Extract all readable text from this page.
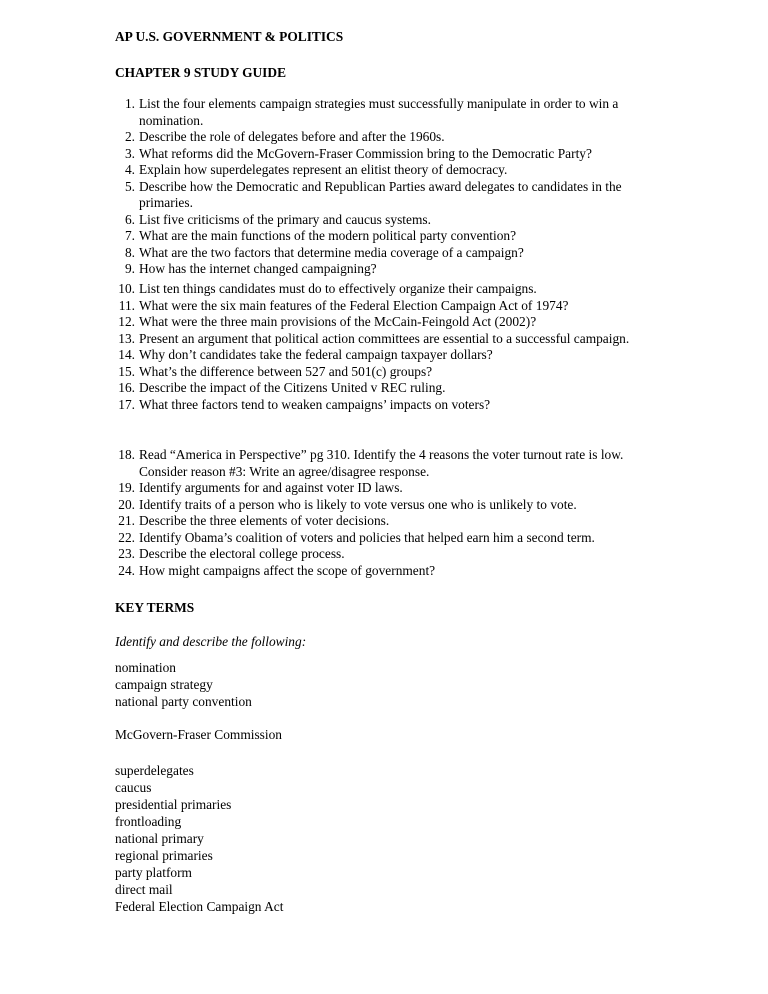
AP U.S. GOVERNMENT & POLITICS
CHAPTER 9 STUDY GUIDE
1. List the four elements campaign strategies must successfully manipulate in order to win a nomination.
2. Describe the role of delegates before and after the 1960s.
3. What reforms did the McGovern-Fraser Commission bring to the Democratic Party?
4. Explain how superdelegates represent an elitist theory of democracy.
5. Describe how the Democratic and Republican Parties award delegates to candidates in the primaries.
6. List five criticisms of the primary and caucus systems.
7. What are the main functions of the modern political party convention?
8. What are the two factors that determine media coverage of a campaign?
9. How has the internet changed campaigning?
10. List ten things candidates must do to effectively organize their campaigns.
11. What were the six main features of the Federal Election Campaign Act of 1974?
12. What were the three main provisions of the McCain-Feingold Act (2002)?
13. Present an argument that political action committees are essential to a successful campaign.
14. Why don’t candidates take the federal campaign taxpayer dollars?
15. What’s the difference between 527 and 501(c) groups?
16. Describe the impact of the Citizens United v REC ruling.
17. What three factors tend to weaken campaigns’ impacts on voters?
18. Read “America in Perspective” pg 310. Identify the 4 reasons the voter turnout rate is low. Consider reason #3: Write an agree/disagree response.
19. Identify arguments for and against voter ID laws.
20. Identify traits of a person who is likely to vote versus one who is unlikely to vote.
21. Describe the three elements of voter decisions.
22. Identify Obama’s coalition of voters and policies that helped earn him a second term.
23. Describe the electoral college process.
24. How might campaigns affect the scope of government?
KEY TERMS
Identify and describe the following:
nomination
campaign strategy
national party convention
McGovern-Fraser Commission
superdelegates
caucus
presidential primaries
frontloading
national primary
regional primaries
party platform
direct mail
Federal Election Campaign Act
